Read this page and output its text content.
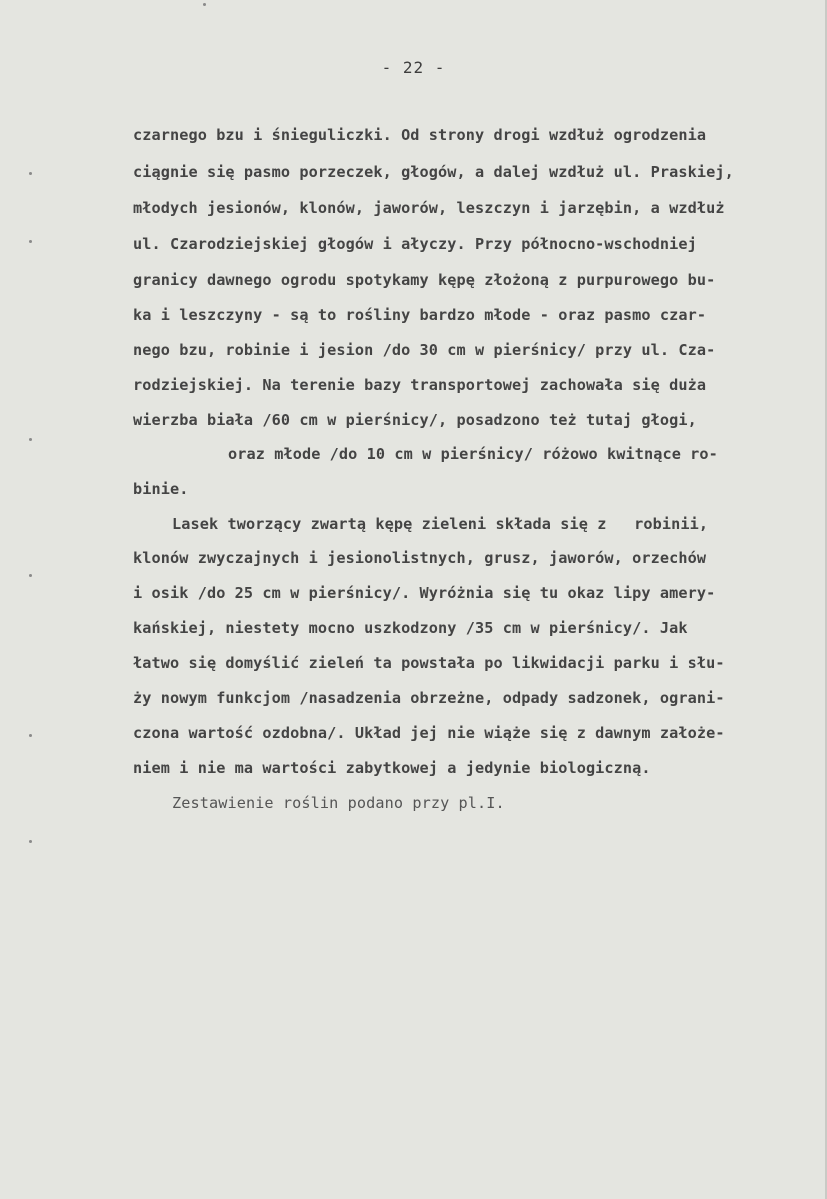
- 22 -
czarnego bzu i śnieguliczki. Od strony drogi wzdłuż ogrodzenia
ciągnie się pasmo porzeczek, głogów, a dalej wzdłuż ul. Praskiej,
młodych jesionów, klonów, jaworów, leszczyn i jarzębin, a wzdłuż
ul. Czarodziejskiej głogów i ałyczy. Przy północno-wschodniej
granicy dawnego ogrodu spotykamy kępę złożoną z purpurowego bu-
ka i leszczyny - są to rośliny bardzo młode - oraz pasmo czar-
nego bzu, robinie i jesion /do 30 cm w pierśnicy/ przy ul. Cza-
rodziejskiej. Na terenie bazy transportowej zachowała się duża
wierzba biała /60 cm w pierśnicy/, posadzono też tutaj głogi,
oraz młode /do 10 cm w pierśnicy/ różowo kwitnące ro-
binie.
Lasek tworzący zwartą kępę zieleni składa się z   robinii,
klonów zwyczajnych i jesionolistnych, grusz, jaworów, orzechów
i osik /do 25 cm w pierśnicy/. Wyróżnia się tu okaz lipy amery-
kańskiej, niestety mocno uszkodzony /35 cm w pierśnicy/. Jak
łatwo się domyślić zieleń ta powstała po likwidacji parku i słu-
ży nowym funkcjom /nasadzenia obrzeżne, odpady sadzonek, ograni-
czona wartość ozdobna/. Układ jej nie wiąże się z dawnym założe-
niem i nie ma wartości zabytkowej a jedynie biologiczną.
Zestawienie roślin podano przy pl.I.
